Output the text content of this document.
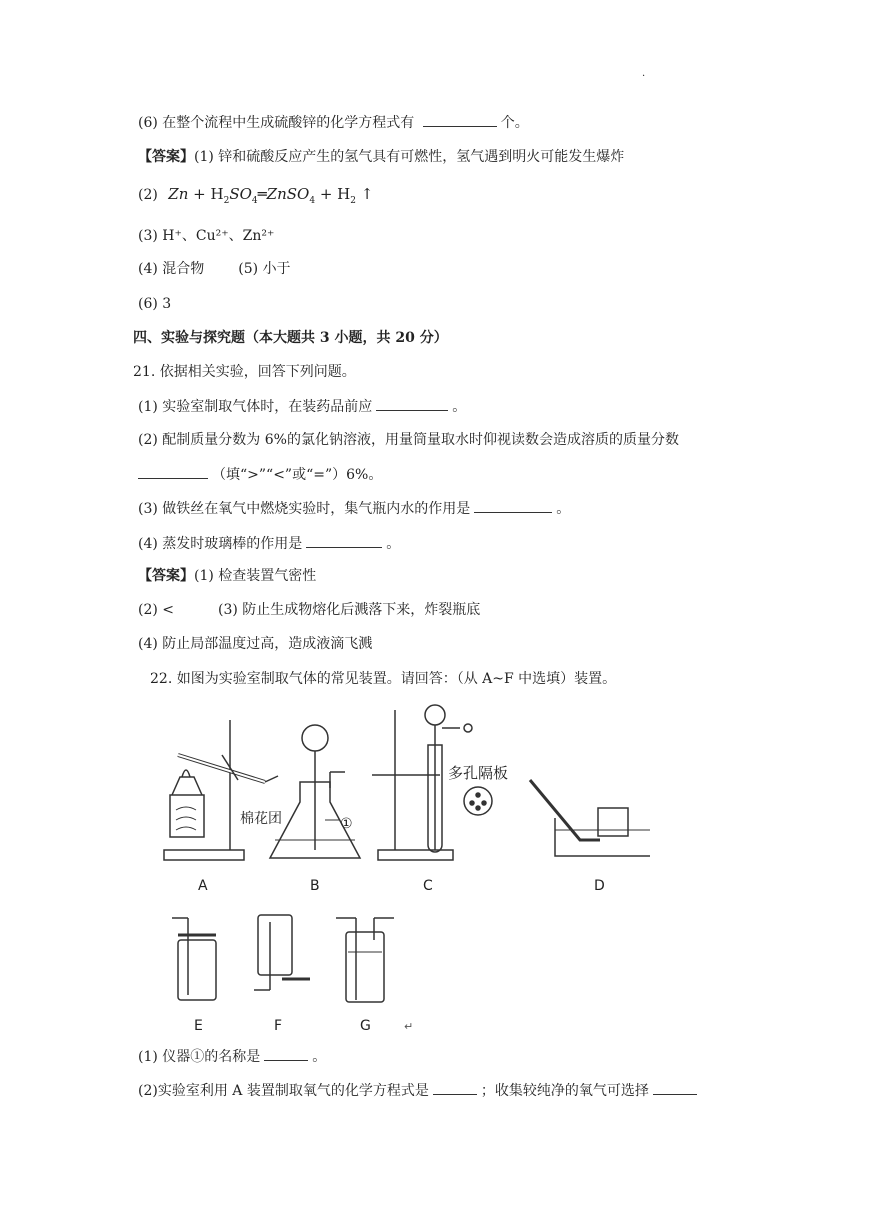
.
(6) 在整个流程中生成硫酸锌的化学方程式有	个。
【答案】(1) 锌和硫酸反应产生的氢气具有可燃性，氢气遇到明火可能发生爆炸
(2) $Zn + H_2SO_4═ZnSO_4 + H_2$ ↑
(3) H⁺、Cu²⁺、Zn²⁺
(4) 混合物 (5) 小于
(6) 3
四、实验与探究题（本大题共 3 小题，共 20 分）
21. 依据相关实验，回答下列问题。
(1) 实验室制取气体时，在装药品前应	。
(2) 配制质量分数为 6%的氯化钠溶液，用量筒量取水时仰视读数会造成溶质的质量分数
（填“>”“<”或“=”）6%。
(3) 做铁丝在氧气中燃烧实验时，集气瓶内水的作用是	。
(4) 蒸发时玻璃棒的作用是	。
【答案】(1) 检查装置气密性
(2) <	(3) 防止生成物熔化后溅落下来，炸裂瓶底
(4) 防止局部温度过高，造成液滴飞溅
22. 如图为实验室制取气体的常见装置。请回答：（从 A~F 中选填）装置。
棉花团	①
多孔隔板
A	B	C	D
E	F	G	↵
(1) 仪器①的名称是	。
(2)实验室利用 A 装置制取氧气的化学方程式是	；收集较纯净的氧气可选择
